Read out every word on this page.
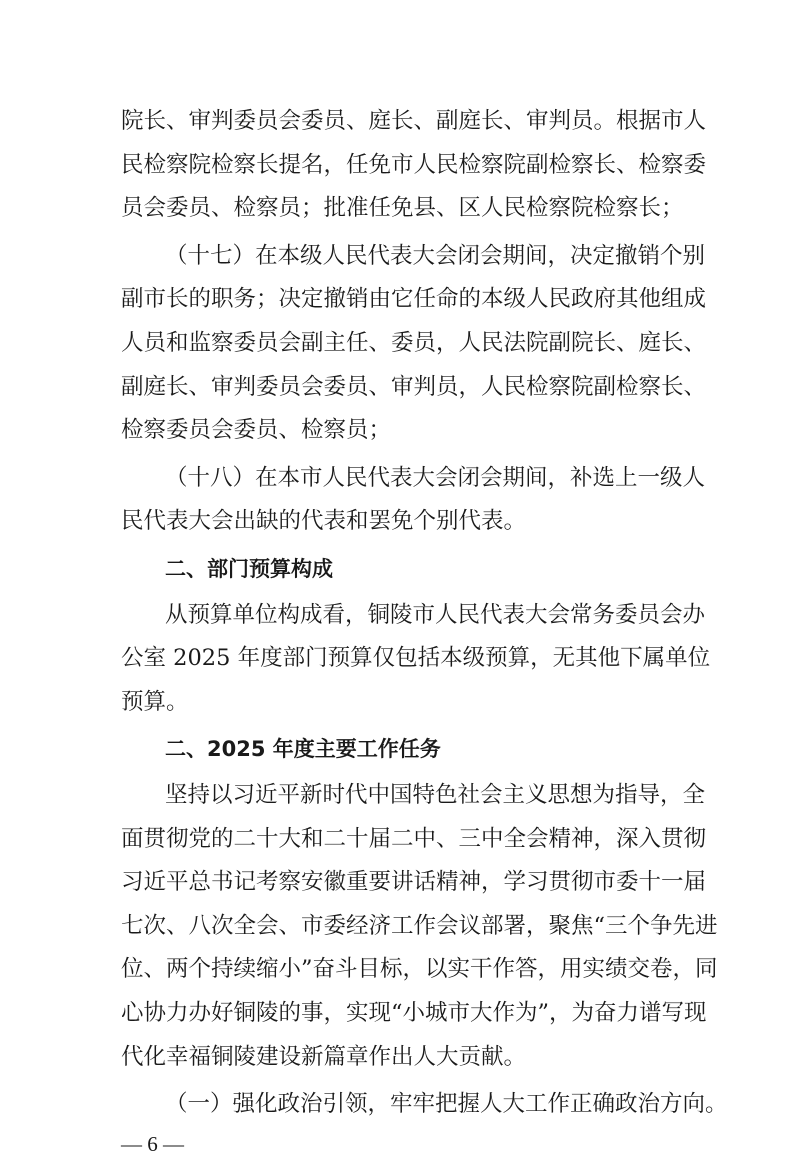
院长、审判委员会委员、庭长、副庭长、审判员。根据市人
民检察院检察长提名，任免市人民检察院副检察长、检察委
员会委员、检察员；批准任免县、区人民检察院检察长；
（十七）在本级人民代表大会闭会期间，决定撤销个别
副市长的职务；决定撤销由它任命的本级人民政府其他组成
人员和监察委员会副主任、委员，人民法院副院长、庭长、
副庭长、审判委员会委员、审判员，人民检察院副检察长、
检察委员会委员、检察员；
（十八）在本市人民代表大会闭会期间，补选上一级人
民代表大会出缺的代表和罢免个别代表。
二、部门预算构成
从预算单位构成看，铜陵市人民代表大会常务委员会办
公室 2025 年度部门预算仅包括本级预算，无其他下属单位
预算。
二、2025 年度主要工作任务
坚持以习近平新时代中国特色社会主义思想为指导，全
面贯彻党的二十大和二十届二中、三中全会精神，深入贯彻
习近平总书记考察安徽重要讲话精神，学习贯彻市委十一届
七次、八次全会、市委经济工作会议部署，聚焦“三个争先进
位、两个持续缩小”奋斗目标，以实干作答，用实绩交卷，同
心协力办好铜陵的事，实现“小城市大作为”，为奋力谱写现
代化幸福铜陵建设新篇章作出人大贡献。
（一）强化政治引领，牢牢把握人大工作正确政治方向。
— 6 —
